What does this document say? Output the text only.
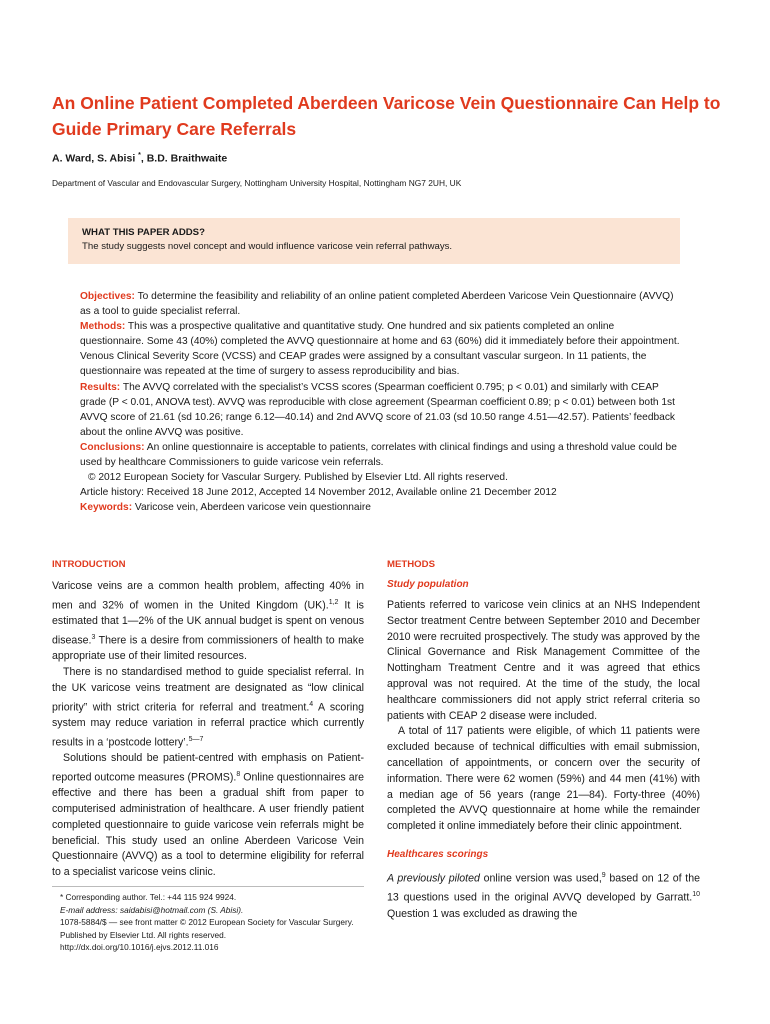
An Online Patient Completed Aberdeen Varicose Vein Questionnaire Can Help to Guide Primary Care Referrals
A. Ward, S. Abisi *, B.D. Braithwaite
Department of Vascular and Endovascular Surgery, Nottingham University Hospital, Nottingham NG7 2UH, UK
WHAT THIS PAPER ADDS?
The study suggests novel concept and would influence varicose vein referral pathways.
Objectives: To determine the feasibility and reliability of an online patient completed Aberdeen Varicose Vein Questionnaire (AVVQ) as a tool to guide specialist referral.
Methods: This was a prospective qualitative and quantitative study. One hundred and six patients completed an online questionnaire. Some 43 (40%) completed the AVVQ questionnaire at home and 63 (60%) did it immediately before their appointment.
Venous Clinical Severity Score (VCSS) and CEAP grades were assigned by a consultant vascular surgeon. In 11 patients, the questionnaire was repeated at the time of surgery to assess reproducibility and bias.
Results: The AVVQ correlated with the specialist’s VCSS scores (Spearman coefficient 0.795; p < 0.01) and similarly with CEAP grade (P < 0.01, ANOVA test). AVVQ was reproducible with close agreement (Spearman coefficient 0.89; p < 0.01) between both 1st AVVQ score of 21.61 (sd 10.26; range 6.12—40.14) and 2nd AVVQ score of 21.03 (sd 10.50 range 4.51—42.57). Patients’ feedback about the online AVVQ was positive.
Conclusions: An online questionnaire is acceptable to patients, correlates with clinical findings and using a threshold value could be used by healthcare Commissioners to guide varicose vein referrals.
© 2012 European Society for Vascular Surgery. Published by Elsevier Ltd. All rights reserved.
Article history: Received 18 June 2012, Accepted 14 November 2012, Available online 21 December 2012
Keywords: Varicose vein, Aberdeen varicose vein questionnaire
INTRODUCTION
Varicose veins are a common health problem, affecting 40% in men and 32% of women in the United Kingdom (UK).$^{1,2}$ It is estimated that 1—2% of the UK annual budget is spent on venous disease.$^3$ There is a desire from commissioners of health to make appropriate use of their limited resources.
There is no standardised method to guide specialist referral. In the UK varicose veins treatment are designated as “low clinical priority” with strict criteria for referral and treatment.$^4$ A scoring system may reduce variation in referral practice which currently results in a ‘postcode lottery’.$^{5—7}$
Solutions should be patient-centred with emphasis on Patient-reported outcome measures (PROMS).$^8$ Online questionnaires are effective and there has been a gradual shift from paper to computerised administration of healthcare. A user friendly patient completed questionnaire to guide varicose vein referrals might be beneficial. This study used an online Aberdeen Varicose Vein Questionnaire (AVVQ) as a tool to determine eligibility for referral to a specialist varicose veins clinic.
* Corresponding author. Tel.: +44 115 924 9924.
E-mail address: saidabisi@hotmail.com (S. Abisi).
1078-5884/$ — see front matter © 2012 European Society for Vascular Surgery. Published by Elsevier Ltd. All rights reserved.
http://dx.doi.org/10.1016/j.ejvs.2012.11.016
METHODS
Study population
Patients referred to varicose vein clinics at an NHS Independent Sector treatment Centre between September 2010 and December 2010 were recruited prospectively. The study was approved by the Clinical Governance and Risk Management Committee of the Nottingham Treatment Centre and it was agreed that ethics approval was not required. At the time of the study, the local healthcare commissioners did not apply strict referral criteria so patients with CEAP 2 disease were included.
A total of 117 patients were eligible, of which 11 patients were excluded because of technical difficulties with email submission, cancellation of appointments, or concern over the security of information. There were 62 women (59%) and 44 men (41%) with a median age of 56 years (range 21—84). Forty-three (40%) completed the AVVQ questionnaire at home while the remainder completed it online immediately before their clinic appointment.
Healthcares scorings
A previously piloted online version was used,$^9$ based on 12 of the 13 questions used in the original AVVQ developed by Garratt.$^{10}$ Question 1 was excluded as drawing the
